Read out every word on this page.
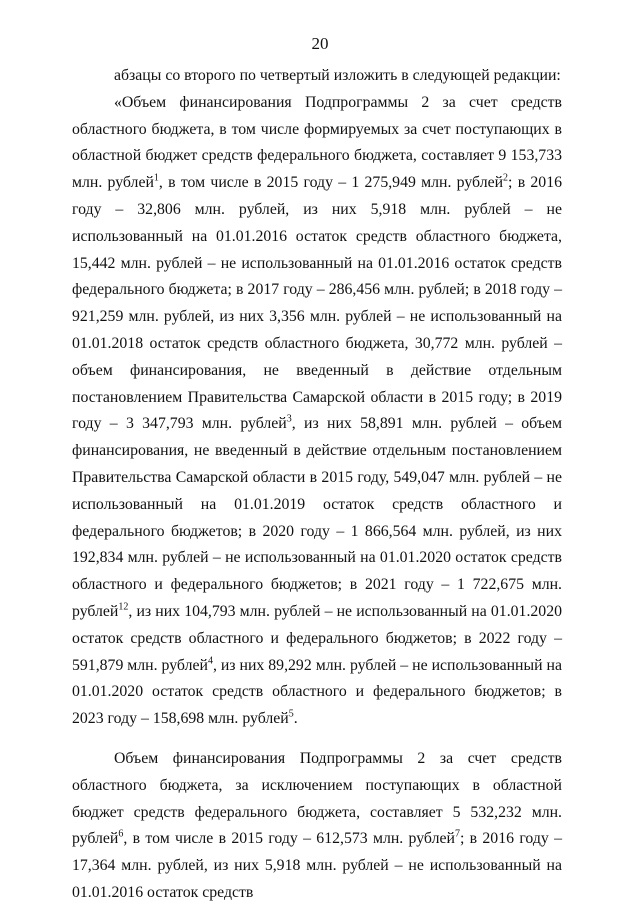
20

абзацы со второго по четвертый изложить в следующей редакции:

«Объем финансирования Подпрограммы 2 за счет средств областного бюджета, в том числе формируемых за счет поступающих в областной бюджет средств федерального бюджета, составляет 9 153,733 млн. рублей$^1$, в том числе в 2015 году – 1 275,949 млн. рублей$^2$; в 2016 году – 32,806 млн. рублей, из них 5,918 млн. рублей – не использованный на 01.01.2016 остаток средств областного бюджета, 15,442 млн. рублей – не использованный на 01.01.2016 остаток средств федерального бюджета; в 2017 году – 286,456 млн. рублей; в 2018 году – 921,259 млн. рублей, из них 3,356 млн. рублей – не использованный на 01.01.2018 остаток средств областного бюджета, 30,772 млн. рублей – объем финансирования, не введенный в действие отдельным постановлением Правительства Самарской области в 2015 году; в 2019 году – 3 347,793 млн. рублей$^3$, из них 58,891 млн. рублей – объем финансирования, не введенный в действие отдельным постановлением Правительства Самарской области в 2015 году, 549,047 млн. рублей – не использованный на 01.01.2019 остаток средств областного и федерального бюджетов; в 2020 году – 1 866,564 млн. рублей, из них 192,834 млн. рублей – не использованный на 01.01.2020 остаток средств областного и федерального бюджетов; в 2021 году – 1 722,675 млн. рублей$^{12}$, из них 104,793 млн. рублей – не использованный на 01.01.2020 остаток средств областного и федерального бюджетов; в 2022 году – 591,879 млн. рублей$^4$, из них 89,292 млн. рублей – не использованный на 01.01.2020 остаток средств областного и федерального бюджетов; в 2023 году – 158,698 млн. рублей$^5$.

Объем финансирования Подпрограммы 2 за счет средств областного бюджета, за исключением поступающих в областной бюджет средств федерального бюджета, составляет 5 532,232 млн. рублей$^6$, в том числе в 2015 году – 612,573 млн. рублей$^7$; в 2016 году – 17,364 млн. рублей, из них 5,918 млн. рублей – не использованный на 01.01.2016 остаток средств
